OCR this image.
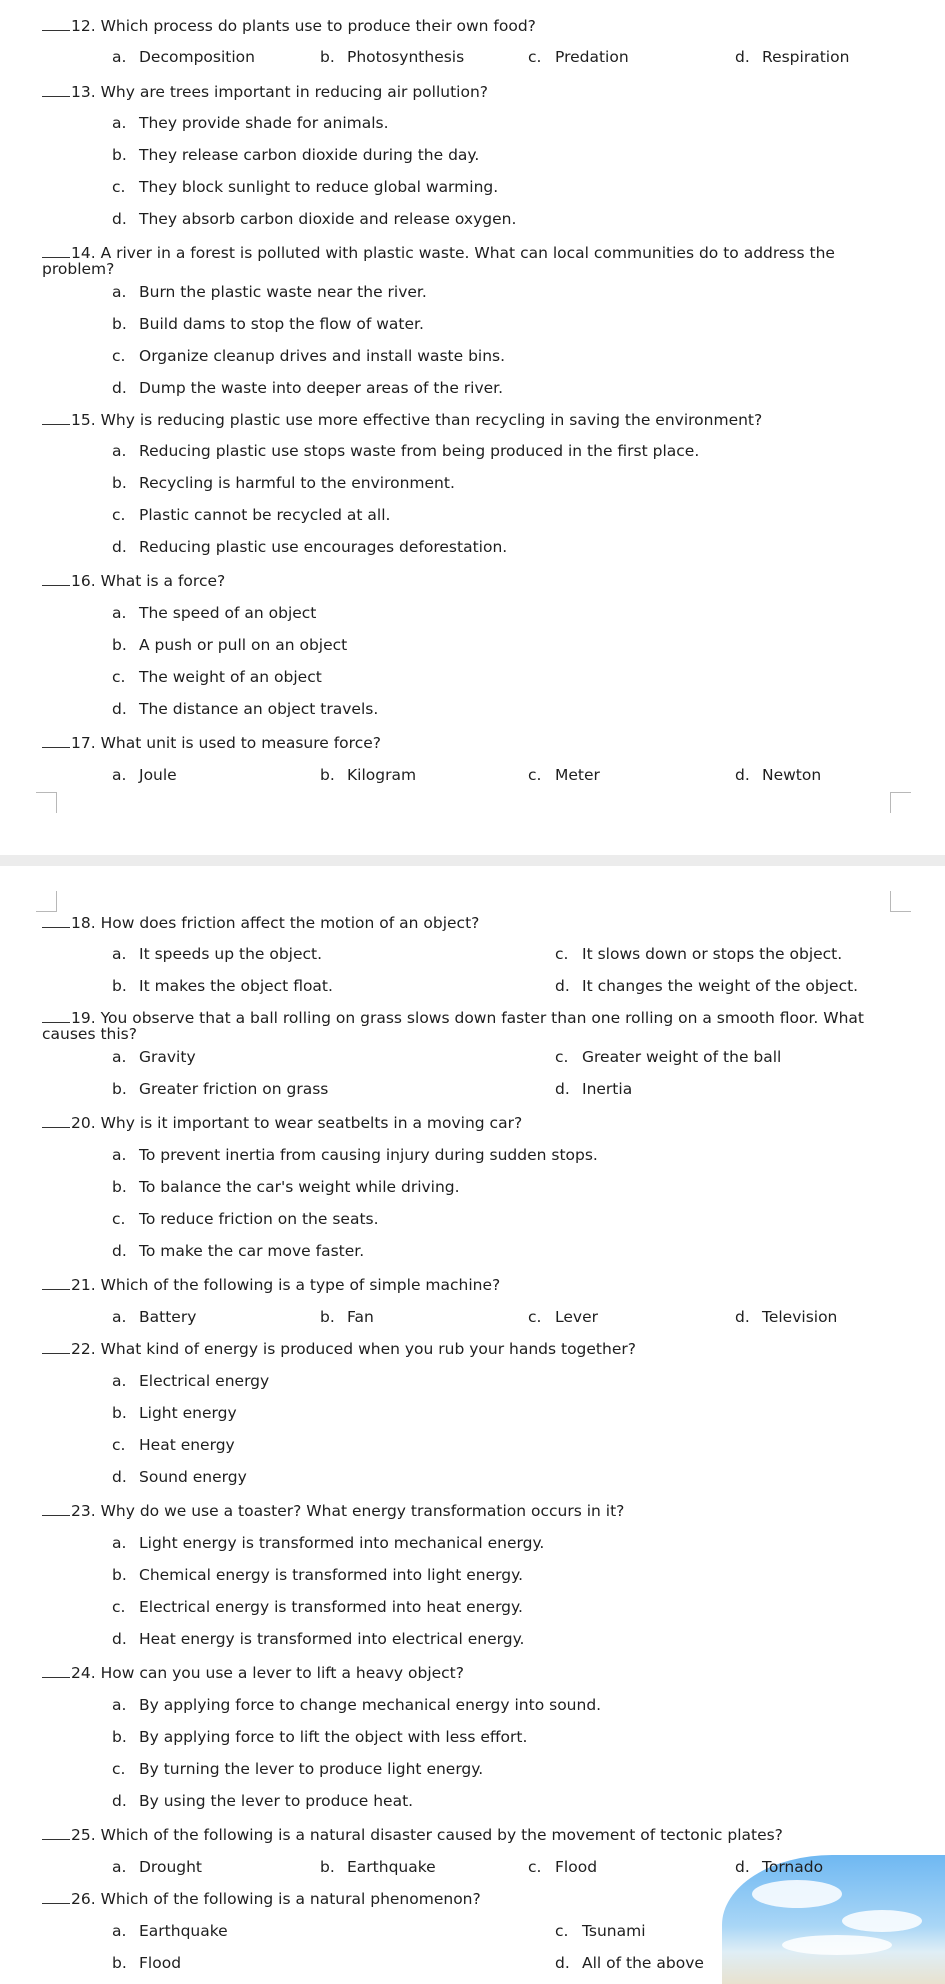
12. Which process do plants use to produce their own food?
a. Decomposition	b. Photosynthesis	c. Predation	d. Respiration
13. Why are trees important in reducing air pollution?
a. They provide shade for animals.
b. They release carbon dioxide during the day.
c. They block sunlight to reduce global warming.
d. They absorb carbon dioxide and release oxygen.
14. A river in a forest is polluted with plastic waste. What can local communities do to address the problem?
a. Burn the plastic waste near the river.
b. Build dams to stop the flow of water.
c. Organize cleanup drives and install waste bins.
d. Dump the waste into deeper areas of the river.
15. Why is reducing plastic use more effective than recycling in saving the environment?
a. Reducing plastic use stops waste from being produced in the first place.
b. Recycling is harmful to the environment.
c. Plastic cannot be recycled at all.
d. Reducing plastic use encourages deforestation.
16. What is a force?
a. The speed of an object
b. A push or pull on an object
c. The weight of an object
d. The distance an object travels.
17. What unit is used to measure force?
a. Joule	b. Kilogram	c. Meter	d. Newton
18. How does friction affect the motion of an object?
a. It speeds up the object.	c. It slows down or stops the object.
b. It makes the object float.	d. It changes the weight of the object.
19. You observe that a ball rolling on grass slows down faster than one rolling on a smooth floor. What causes this?
a. Gravity	c. Greater weight of the ball
b. Greater friction on grass	d. Inertia
20. Why is it important to wear seatbelts in a moving car?
a. To prevent inertia from causing injury during sudden stops.
b. To balance the car's weight while driving.
c. To reduce friction on the seats.
d. To make the car move faster.
21. Which of the following is a type of simple machine?
a. Battery	b. Fan	c. Lever	d. Television
22. What kind of energy is produced when you rub your hands together?
a. Electrical energy
b. Light energy
c. Heat energy
d. Sound energy
23. Why do we use a toaster? What energy transformation occurs in it?
a. Light energy is transformed into mechanical energy.
b. Chemical energy is transformed into light energy.
c. Electrical energy is transformed into heat energy.
d. Heat energy is transformed into electrical energy.
24. How can you use a lever to lift a heavy object?
a. By applying force to change mechanical energy into sound.
b. By applying force to lift the object with less effort.
c. By turning the lever to produce light energy.
d. By using the lever to produce heat.
25. Which of the following is a natural disaster caused by the movement of tectonic plates?
a. Drought	b. Earthquake	c. Flood	d. Tornado
26. Which of the following is a natural phenomenon?
a. Earthquake	c. Tsunami
b. Flood	d. All of the above
